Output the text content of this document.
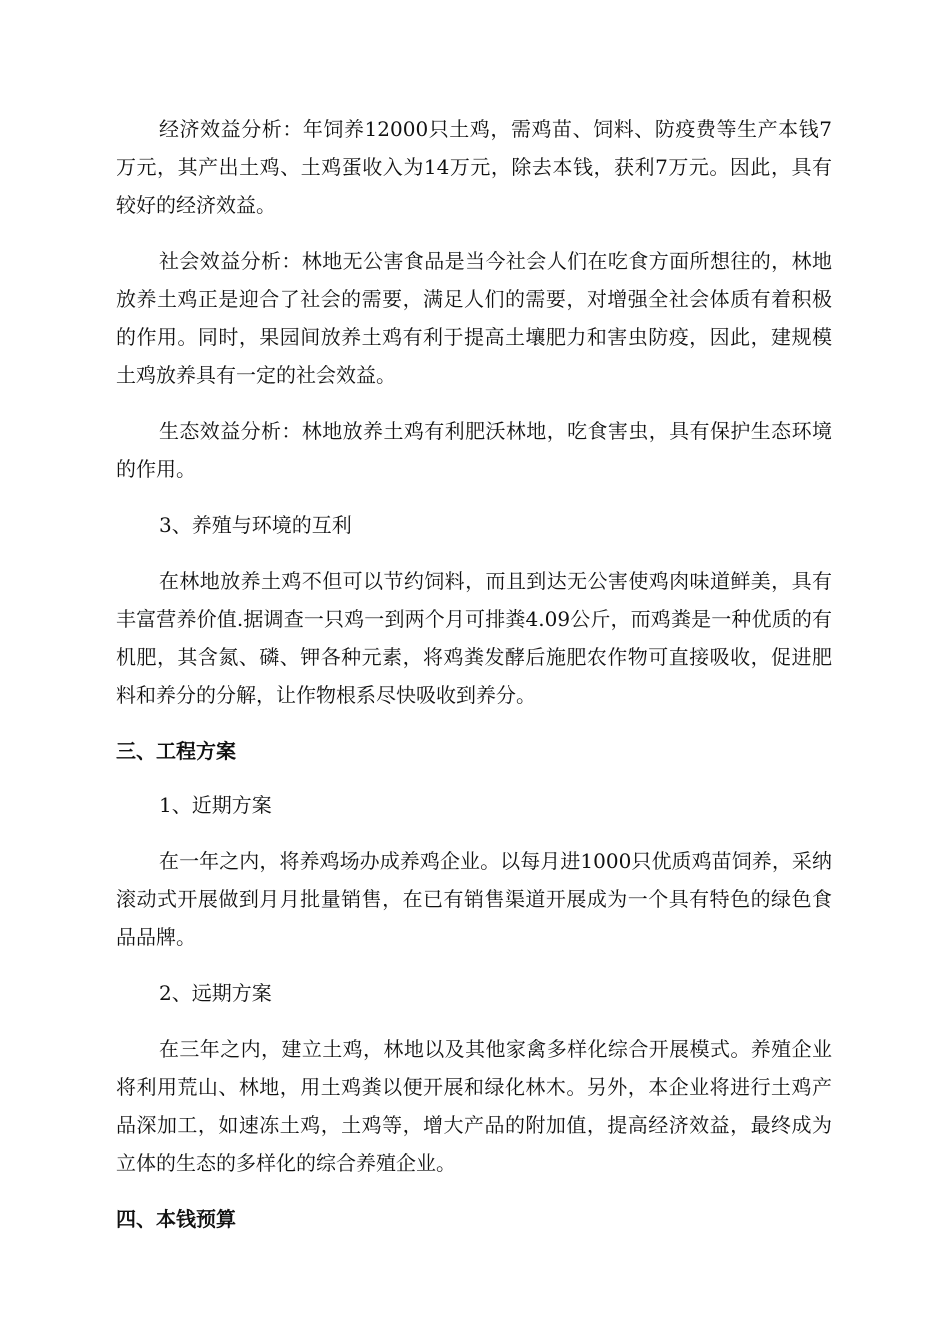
经济效益分析：年饲养12000只土鸡，需鸡苗、饲料、防疫费等生产本钱7万元，其产出土鸡、土鸡蛋收入为14万元，除去本钱，获利7万元。因此，具有较好的经济效益。

社会效益分析：林地无公害食品是当今社会人们在吃食方面所想往的，林地放养土鸡正是迎合了社会的需要，满足人们的需要，对增强全社会体质有着积极的作用。同时，果园间放养土鸡有利于提高土壤肥力和害虫防疫，因此，建规模土鸡放养具有一定的社会效益。

生态效益分析：林地放养土鸡有利肥沃林地，吃食害虫，具有保护生态环境的作用。

3、养殖与环境的互利

在林地放养土鸡不但可以节约饲料，而且到达无公害使鸡肉味道鲜美，具有丰富营养价值.据调查一只鸡一到两个月可排粪4.09公斤，而鸡粪是一种优质的有机肥，其含氮、磷、钾各种元素，将鸡粪发酵后施肥农作物可直接吸收，促进肥料和养分的分解，让作物根系尽快吸收到养分。

三、工程方案

1、近期方案

在一年之内，将养鸡场办成养鸡企业。以每月进1000只优质鸡苗饲养，采纳滚动式开展做到月月批量销售，在已有销售渠道开展成为一个具有特色的绿色食品品牌。

2、远期方案

在三年之内，建立土鸡，林地以及其他家禽多样化综合开展模式。养殖企业将利用荒山、林地，用土鸡粪以便开展和绿化林木。另外，本企业将进行土鸡产品深加工，如速冻土鸡，土鸡等，增大产品的附加值，提高经济效益，最终成为立体的生态的多样化的综合养殖企业。

四、本钱预算
